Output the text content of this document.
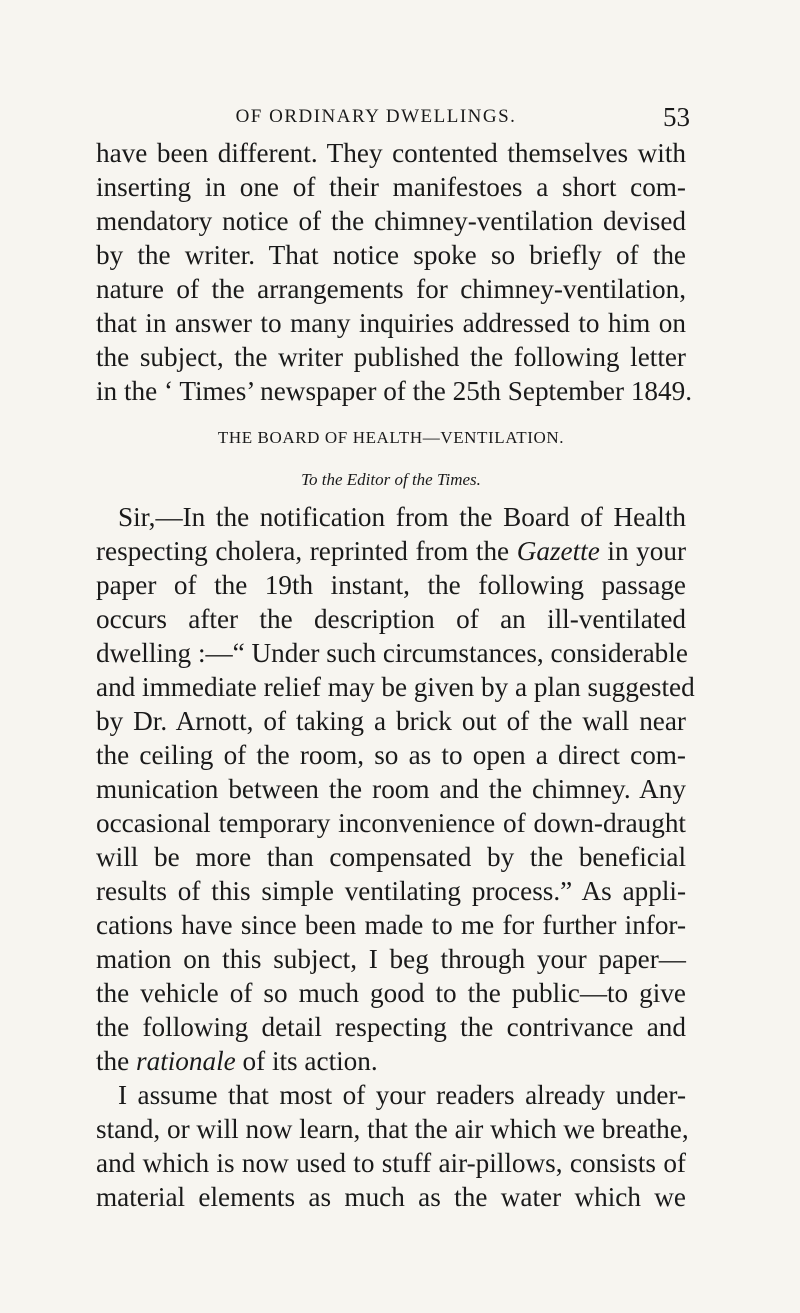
OF ORDINARY DWELLINGS.	53
have been different. They contented themselves with
inserting in one of their manifestoes a short com-
mendatory notice of the chimney-ventilation devised
by the writer. That notice spoke so briefly of the
nature of the arrangements for chimney-ventilation,
that in answer to many inquiries addressed to him on
the subject, the writer published the following letter
in the ‘ Times’ newspaper of the 25th September 1849.
THE BOARD OF HEALTH—VENTILATION.
To the Editor of the Times.
Sir,—In the notification from the Board of Health
respecting cholera, reprinted from the Gazette in your
paper of the 19th instant, the following passage
occurs after the description of an ill-ventilated
dwelling :—“ Under such circumstances, considerable
and immediate relief may be given by a plan suggested
by Dr. Arnott, of taking a brick out of the wall near
the ceiling of the room, so as to open a direct com-
munication between the room and the chimney. Any
occasional temporary inconvenience of down-draught
will be more than compensated by the beneficial
results of this simple ventilating process.” As appli-
cations have since been made to me for further infor-
mation on this subject, I beg through your paper—
the vehicle of so much good to the public—to give
the following detail respecting the contrivance and
the rationale of its action.
I assume that most of your readers already under-
stand, or will now learn, that the air which we breathe,
and which is now used to stuff air-pillows, consists of
material elements as much as the water which we
